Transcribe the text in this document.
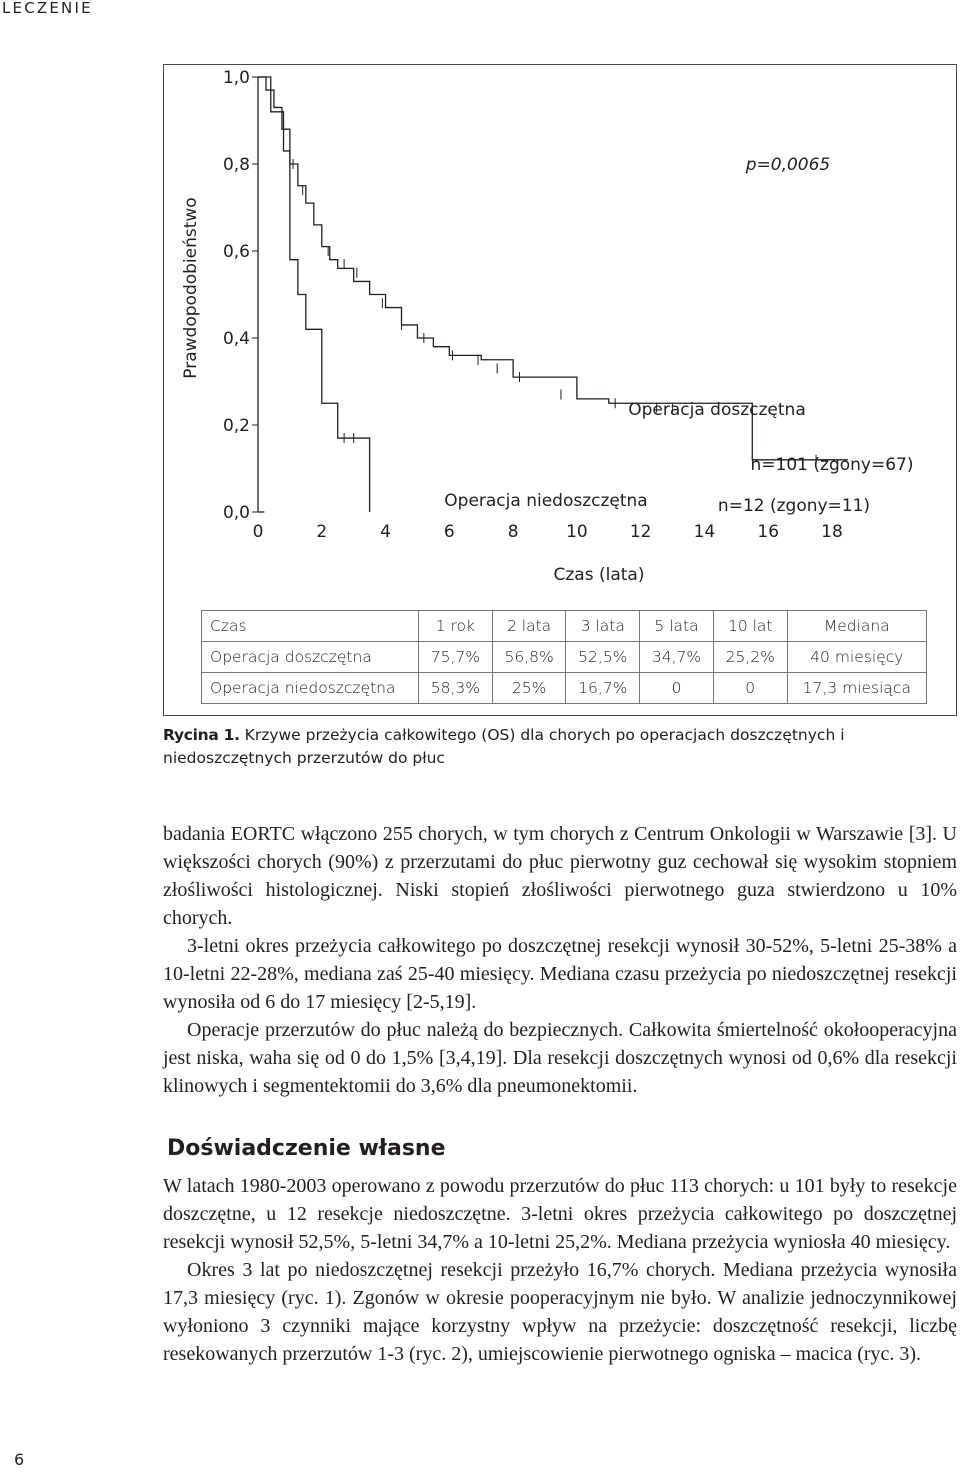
LECZENIE
0,0
0,2
0,4
0,6
0,8
1,0
0	2	4	6	8	10 12 14 16 18
Prawdopodobieństwo
Czas (lata)
p=0,0065
Operacja doszczętna
n=101 (zgony=67)
Operacja niedoszczętna	n=12 (zgony=11)
Czas	1 rok	2 lata	3 lata	5 lata	10 lat	Mediana
Operacja doszczętna	75,7%	56,8%	52,5%	34,7%	25,2%	40 miesięcy
Operacja niedoszczętna	58,3%	25%	16,7%	0	0	17,3 miesiąca
Rycina 1. Krzywe przeżycia całkowitego (OS) dla chorych po operacjach doszczętnych i niedoszczętnych przerzutów do płuc

badania EORTC włączono 255 chorych, w tym chorych z Centrum Onkologii w Warszawie [3]. U większości chorych (90%) z przerzutami do płuc pierwotny guz cechował się wysokim stopniem złośliwości histologicznej. Niski stopień złośliwości pierwotnego guza stwierdzono u 10% chorych.

3-letni okres przeżycia całkowitego po doszczętnej resekcji wynosił 30-52%, 5-letni 25-38% a 10-letni 22-28%, mediana zaś 25-40 miesięcy. Mediana czasu przeżycia po niedoszczętnej resekcji wynosiła od 6 do 17 miesięcy [2-5,19].

Operacje przerzutów do płuc należą do bezpiecznych. Całkowita śmiertelność okołooperacyjna jest niska, waha się od 0 do 1,5% [3,4,19]. Dla resekcji doszczętnych wynosi od 0,6% dla resekcji klinowych i segmentektomii do 3,6% dla pneumonektomii.

Doświadczenie własne

W latach 1980-2003 operowano z powodu przerzutów do płuc 113 chorych: u 101 były to resekcje doszczętne, u 12 resekcje niedoszczętne. 3-letni okres przeżycia całkowitego po doszczętnej resekcji wynosił 52,5%, 5-letni 34,7% a 10-letni 25,2%. Mediana przeżycia wyniosła 40 miesięcy.

Okres 3 lat po niedoszczętnej resekcji przeżyło 16,7% chorych. Mediana przeżycia wynosiła 17,3 miesięcy (ryc. 1). Zgonów w okresie pooperacyjnym nie było. W analizie jednoczynnikowej wyłoniono 3 czynniki mające korzystny wpływ na przeżycie: doszczętność resekcji, liczbę resekowanych przerzutów 1-3 (ryc. 2), umiejscowienie pierwotnego ogniska – macica (ryc. 3).

6
